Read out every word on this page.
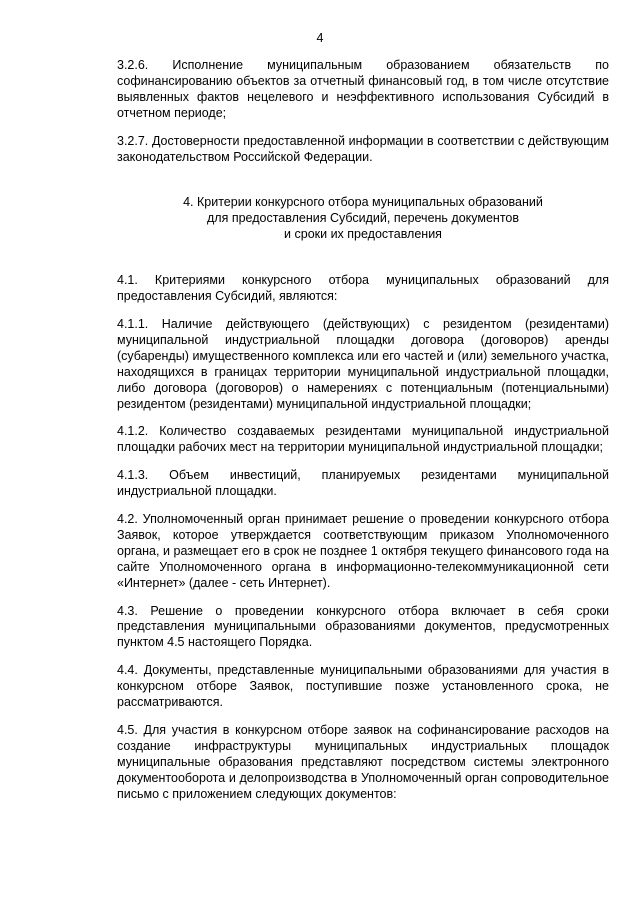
4

3.2.6. Исполнение муниципальным образованием обязательств по софинансированию объектов за отчетный финансовый год, в том числе отсутствие выявленных фактов нецелевого и неэффективного использования Субсидий в отчетном периоде;

3.2.7. Достоверности предоставленной информации в соответствии с действующим законодательством Российской Федерации.

4. Критерии конкурсного отбора муниципальных образований
для предоставления Субсидий, перечень документов
и сроки их предоставления

4.1. Критериями конкурсного отбора муниципальных образований для предоставления Субсидий, являются:

4.1.1. Наличие действующего (действующих) с резидентом (резидентами) муниципальной индустриальной площадки договора (договоров) аренды (субаренды) имущественного комплекса или его частей и (или) земельного участка, находящихся в границах территории муниципальной индустриальной площадки, либо договора (договоров) о намерениях с потенциальным (потенциальными) резидентом (резидентами) муниципальной индустриальной площадки;

4.1.2. Количество создаваемых резидентами муниципальной индустриальной площадки рабочих мест на территории муниципальной индустриальной площадки;

4.1.3. Объем инвестиций, планируемых резидентами муниципальной индустриальной площадки.

4.2. Уполномоченный орган принимает решение о проведении конкурсного отбора Заявок, которое утверждается соответствующим приказом Уполномоченного органа, и размещает его в срок не позднее 1 октября текущего финансового года на сайте Уполномоченного органа в информационно-телекоммуникационной сети «Интернет» (далее - сеть Интернет).

4.3. Решение о проведении конкурсного отбора включает в себя сроки представления муниципальными образованиями документов, предусмотренных пунктом 4.5 настоящего Порядка.

4.4. Документы, представленные муниципальными образованиями для участия в конкурсном отборе Заявок, поступившие позже установленного срока, не рассматриваются.

4.5. Для участия в конкурсном отборе заявок на софинансирование расходов на создание инфраструктуры муниципальных индустриальных площадок муниципальные образования представляют посредством системы электронного документооборота и делопроизводства в Уполномоченный орган сопроводительное письмо с приложением следующих документов:
